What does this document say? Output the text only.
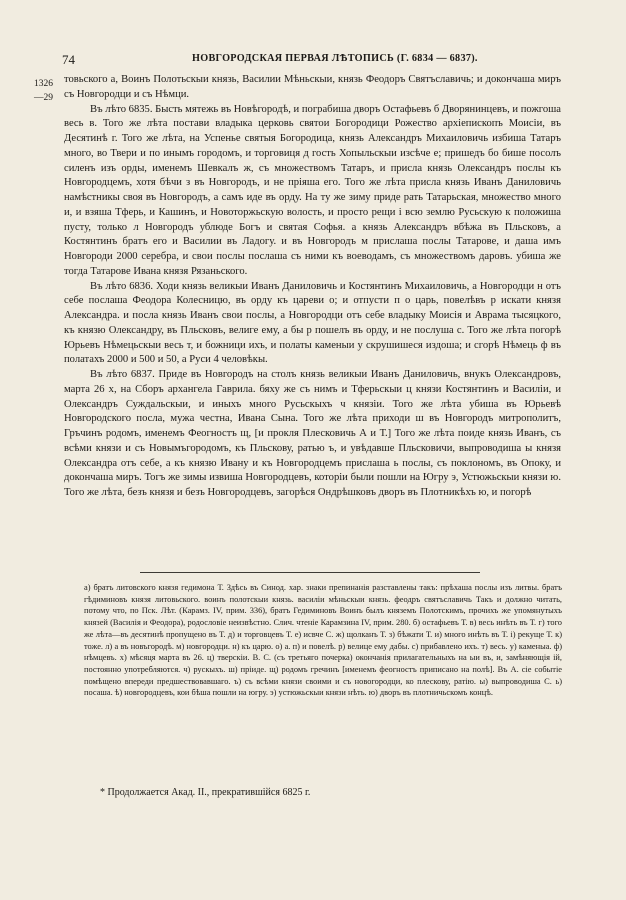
74	НОВГОРОДСКАЯ ПЕРВАЯ ЛѢТОПИСЬ (Г. 6834 — 6837).
1326
—29

товьского а, Воинъ Полотьскыи князь, Василии Мѣньскыи, князь Феодоръ Святъславичь; и докончаша миръ съ Новгородци и съ Нѣмци.

Въ лѣто 6835. Бысть мятежь въ Новѣгородѣ, и пограбиша дворъ Остафьевъ б Дворянинцевъ, и пожгоша весь в. Того же лѣта постави владыка церковь святои Богородици Рожество архіепископъ Моисіи, въ Десятинѣ г. Того же лѣта, на Успенье святыя Богородица, князь Александръ Михаиловичь избиша Татаръ много, во Твери и по инымъ городомъ, и торговиця д гость Хопыльскыи изсѣче е; пришедъ бо бише посолъ силенъ изъ орды, именемъ Шевкалъ ж, съ множествомъ Татаръ, и присла князь Олександръ послы къ Новгородцемъ, хотя бѣчи з въ Новгородъ, и не пріяша его. Того же лѣта присла князь Иванъ Даниловичь намѣстникы своя въ Новгородъ, а самъ иде въ орду. На ту же зиму приде рать Татарьская, множество много и, и взяша Тферь, и Кашинъ, и Новоторжьскую волость, и просто рещи і всю землю Русьскую к положиша пусту, только л Новгородъ ублюде Богъ и святая Софья. а князь Александръ вбѣжа въ Пльсковъ, а Костянтинъ братъ его и Василии въ Ладогу. и въ Новгородъ м прислаша послы Татарове, и даша имъ Новгороди 2000 серебра, и свои послы послаша съ ними къ воеводамъ, съ множествомъ даровъ. убиша же тогда Татарове Ивана князя Рязаньского.

Въ лѣто 6836. Ходи князь великыи Иванъ Даниловичь и Костянтинъ Михаиловичь, а Новгородци н отъ себе послаша Феодора Колесницю, въ орду къ цареви о; и отпусти п о царь, повелѣвъ р искати князя Александра. и посла князь Иванъ свои послы, а Новгородци отъ себе владыку Моисія и Аврама тысяцкого, къ князю Олександру, въ Пльсковъ, велиге ему, а бы р пошелъ въ орду, и не послуша с. Того же лѣта погорѣ Юрьевъ Нѣмецьскыи весь т, и божници ихъ, и полаты каменыи у скрушишеся издоша; и сгорѣ Нѣмець ф въ полатахъ 2000 и 500 и 50, а Руси 4 человѣкы.

Въ лѣто 6837. Приде въ Новгородъ на столъ князь великыи Иванъ Даниловичь, внукъ Олександровъ, марта 26 х, на Сборъ архангела Гаврила. бяху же съ нимъ и Тферьскыи ц князи Костянтинъ и Василіи, и Олександръ Суждальскыи, и иныхъ много Русьскыхъ ч князіи. Того же лѣта убиша въ Юрьевѣ Новгородского посла, мужа честна, Ивана Сына. Того же лѣта приходи ш въ Новгородъ митрополитъ, Гръчинъ родомъ, именемъ Феогностъ щ, [и прокля Плесковичь А и Т.] Того же лѣта поиде князь Иванъ, съ всѣми князи и съ Новымъгородомъ, къ Пльскову, ратью ъ, и увѣдавше Пльсковичи, выпроводиша ы князя Олександра отъ себе, а къ князю Ивану и къ Новгородцемъ прислаша ь послы, съ поклономъ, въ Опоку, и докончаша миръ. Тогъ же зимы извиша Новгородцевъ, которіи были пошли на Югру э, Устюжьскыи князи ю. Того же лѣта, безъ князя и безъ Новгородцевъ, загорѣся Ондрѣшковъ дворъ въ Плотникѣхъ ю, и погорѣ

а) братъ литовского князя гедимона Т. Здѣсь въ Синод. хар. знаки препинанія разставлены такъ: прѣхаша послы изъ литвы. братъ гѣдиминовъ князя литовьского. воинъ полотскыи князь. василіи мѣньскыи князь. феодръ святъславичь Такъ и должно читать, потому что, по Пск. Лѣт. (Карамз. IV, прим. 336), братъ Гедиминовъ Воинъ былъ княземъ Полотскимъ, прочихъ же упомянутыхъ князей (Василія и Феодора), родословіе неизвѣстно. Слич. чтеніе Карамзина IV, прим. 280. б) остафьевъ Т. в) весь инѣть въ Т. г) того же лѣта—въ десятинѣ пропущено въ Т. д) и торговцевъ Т. е) исвче С. ж) щолканъ Т. з) бѣжати Т. и) много инѣть въ Т. і) рекуще Т. к) тоже. л) а въ новъгородѣ. м) новгородци. н) къ царю. о) а. п) и повелѣ. р) велице ему дабы. с) прибавлено ихъ. т) весь. у) каменыа. ф) нѣмцевъ. х) мѣсяця марта въ 26. ц) тверскіи. В. С. (съ третьяго почерка) окончанія прилагательныхъ на ыи въ, и, замѣняющія ій, постоянно употребляются. ч) рускыхъ. ш) пріиде. щ) родомъ гречинъ [именемъ феогностъ приписано на полѣ]. Въ А. сіе событіе помѣщено впереди предшествовавшаго. ъ) съ всѣми князи своими и съ новогородци, ко плескову, ратію. ы) выпроводиша С. ь) посаша. ѣ) новгородцевъ, кои бѣша пошли на югру. э) устюжьскыи князи нѣть. ю) дворъ въ плотничьскомъ концѣ.

* Продолжается Акад. II., прекратившійся 6825 г.
